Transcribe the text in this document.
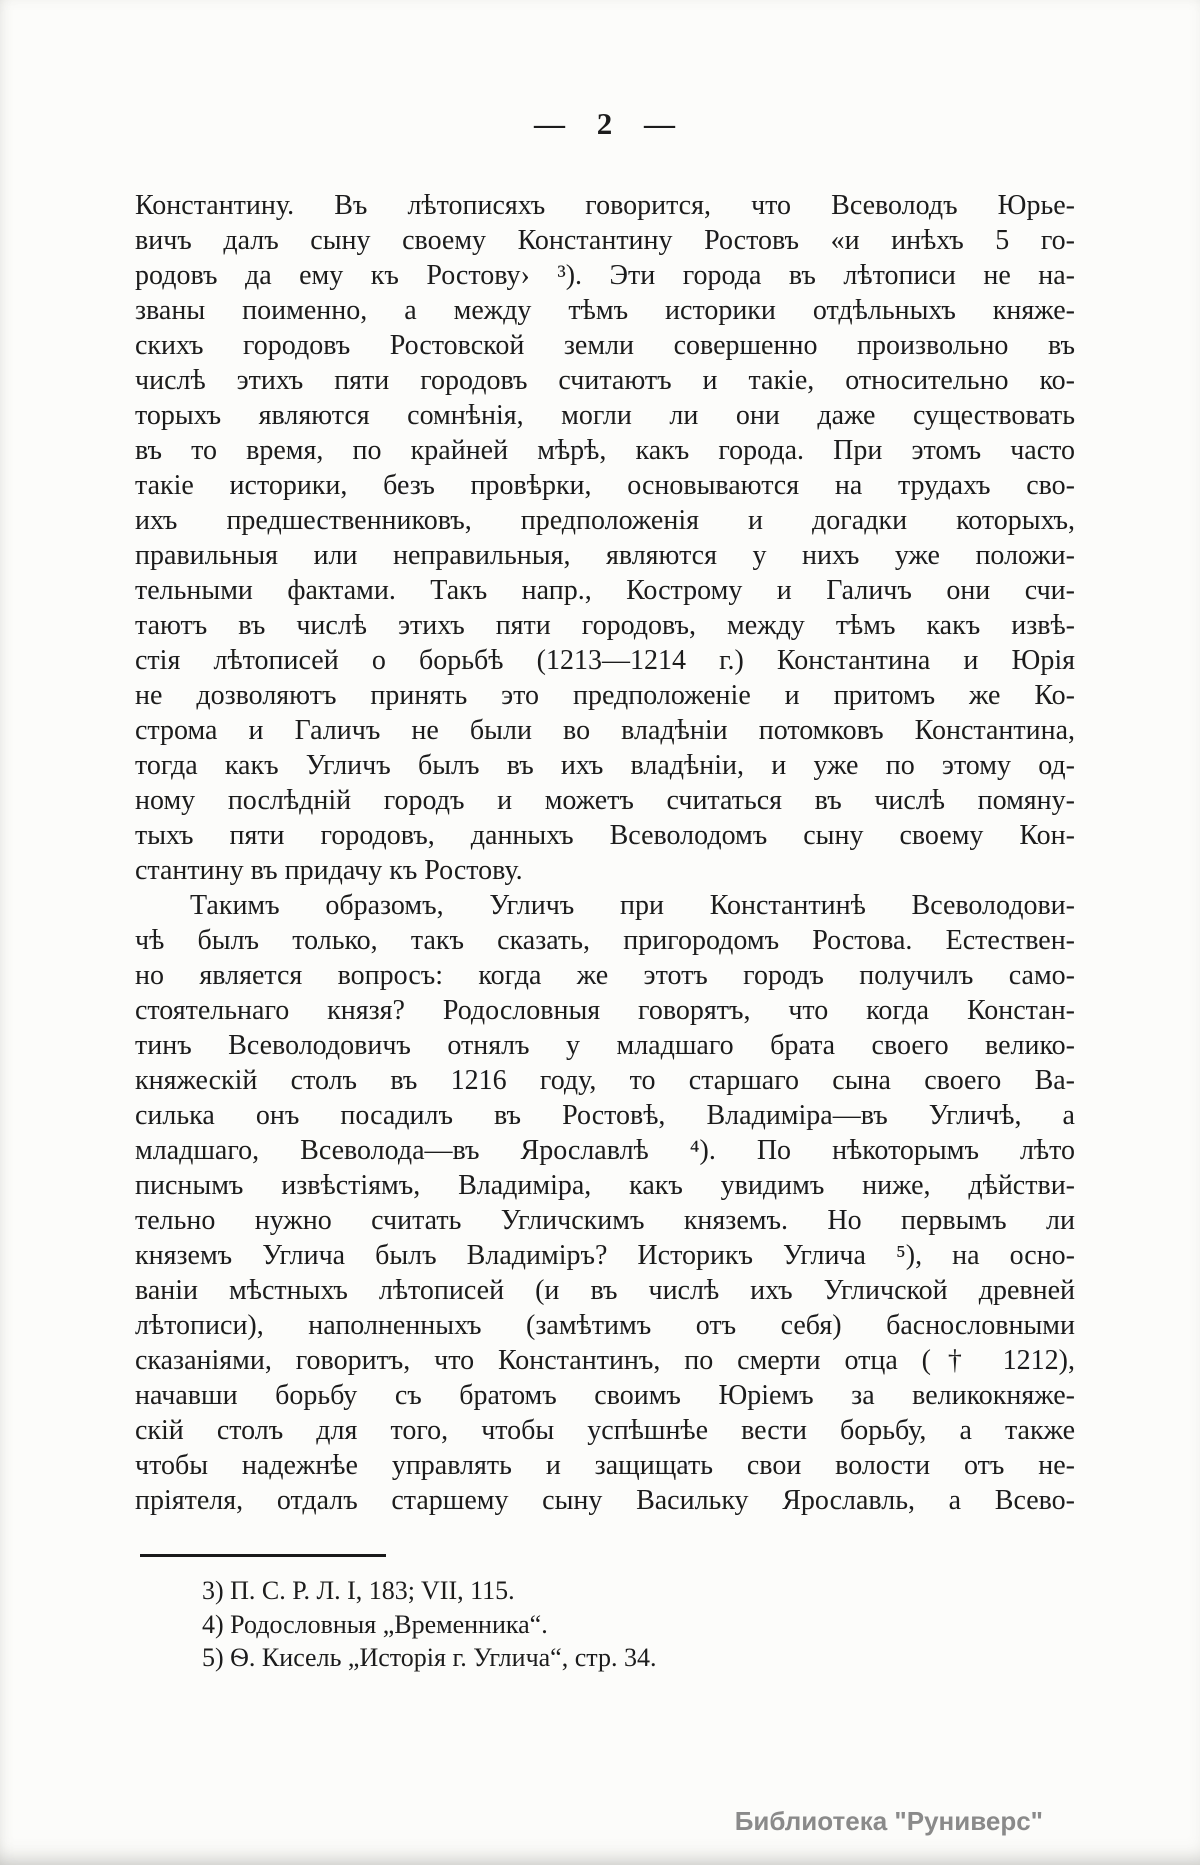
— 2 —
Константину. Въ лѣтописяхъ говорится, что Всеволодъ Юрье-
вичъ далъ сыну своему Константину Ростовъ «и инѣхъ 5 го-
родовъ да ему къ Ростову› ³). Эти города въ лѣтописи не на-
званы поименно, а между тѣмъ историки отдѣльныхъ княже-
скихъ городовъ Ростовской земли совершенно произвольно въ
числѣ этихъ пяти городовъ считаютъ и такіе, относительно ко-
торыхъ являются сомнѣнія, могли ли они даже существовать
въ то время, по крайней мѣрѣ, какъ города. При этомъ часто
такіе историки, безъ провѣрки, основываются на трудахъ сво-
ихъ предшественниковъ, предположенія и догадки которыхъ,
правильныя или неправильныя, являются у нихъ уже положи-
тельными фактами. Такъ напр., Кострому и Галичъ они счи-
таютъ въ числѣ этихъ пяти городовъ, между тѣмъ какъ извѣ-
стія лѣтописей о борьбѣ (1213—1214 г.) Константина и Юрія
не дозволяютъ принять это предположеніе и притомъ же Ко-
строма и Галичъ не были во владѣніи потомковъ Константина,
тогда какъ Угличъ былъ въ ихъ владѣніи, и уже по этому од-
ному послѣдній городъ и можетъ считаться въ числѣ помяну-
тыхъ пяти городовъ, данныхъ Всеволодомъ сыну своему Кон-
стантину въ придачу къ Ростову.
Такимъ образомъ, Угличъ при Константинѣ Всеволодови-
чѣ былъ только, такъ сказать, пригородомъ Ростова. Естествен-
но является вопросъ: когда же этотъ городъ получилъ само-
стоятельнаго князя? Родословныя говорятъ, что когда Констан-
тинъ Всеволодовичъ отнялъ у младшаго брата своего велико-
княжескій столъ въ 1216 году, то старшаго сына своего Ва-
силька онъ посадилъ въ Ростовѣ, Владиміра—въ Угличѣ, а
младшаго, Всеволода—въ Ярославлѣ ⁴). По нѣкоторымъ лѣто
писнымъ извѣстіямъ, Владиміра, какъ увидимъ ниже, дѣйстви-
тельно нужно считать Угличскимъ княземъ. Но первымъ ли
княземъ Углича былъ Владиміръ? Историкъ Углича ⁵), на осно-
ваніи мѣстныхъ лѣтописей (и въ числѣ ихъ Угличской древней
лѣтописи), наполненныхъ (замѣтимъ отъ себя) баснословными
сказаніями, говоритъ, что Константинъ, по смерти отца († 1212),
начавши борьбу съ братомъ своимъ Юріемъ за великокняже-
скій столъ для того, чтобы успѣшнѣе вести борьбу, а также
чтобы надежнѣе управлять и защищать свои волости отъ не-
пріятеля, отдалъ старшему сыну Васильку Ярославль, а Всево-
3) П. С. Р. Л. I, 183; VII, 115.
4) Родословныя „Временника“.
5) Ѳ. Кисель „Исторія г. Углича“, стр. 34.
Библиотека "Руниверс"
